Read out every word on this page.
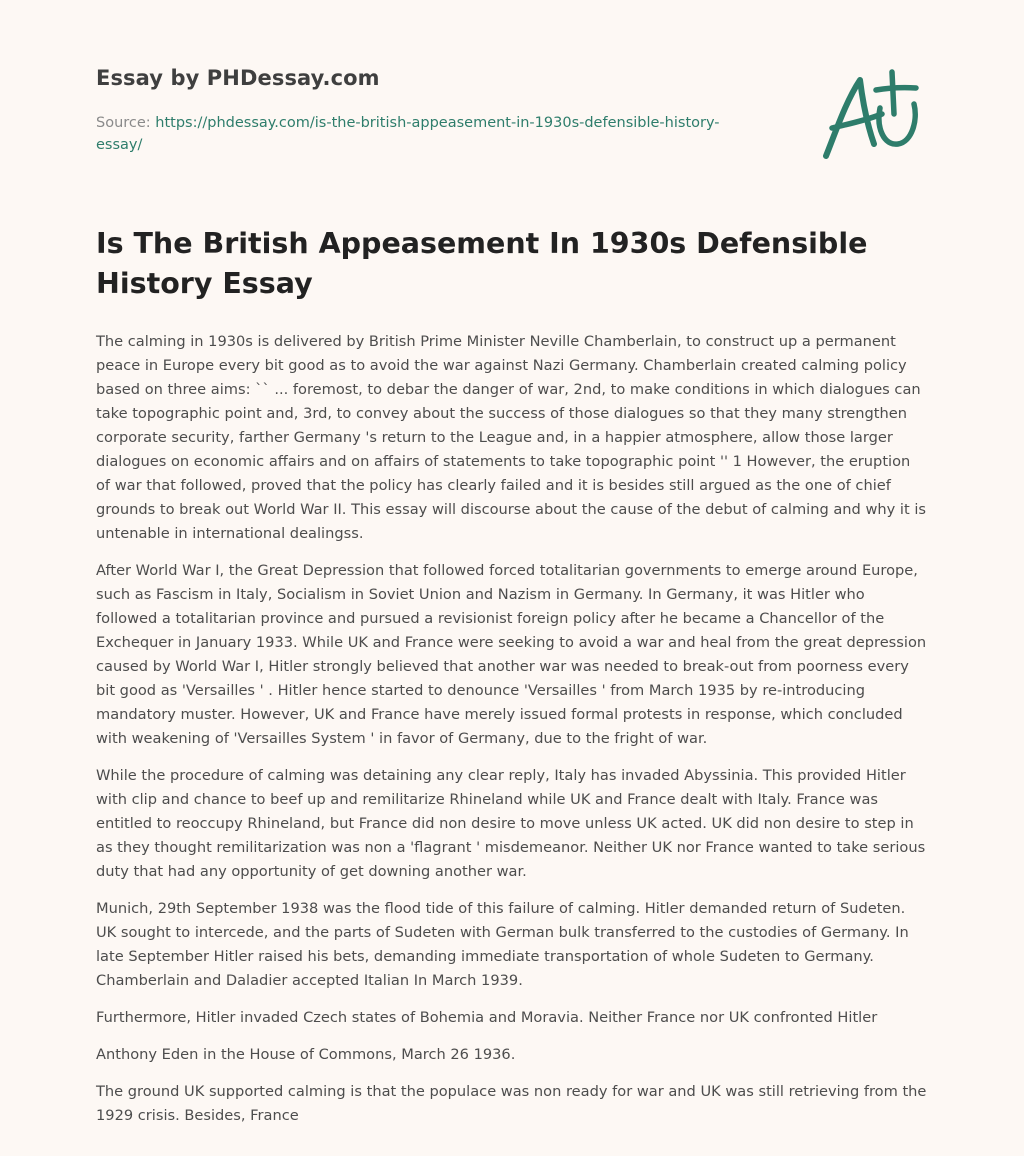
Essay by PHDessay.com

Source: https://phdessay.com/is-the-british-appeasement-in-1930s-defensible-history-essay/

Is The British Appeasement In 1930s Defensible History Essay

The calming in 1930s is delivered by British Prime Minister Neville Chamberlain, to construct up a permanent peace in Europe every bit good as to avoid the war against Nazi Germany. Chamberlain created calming policy based on three aims: `` ... foremost, to debar the danger of war, 2nd, to make conditions in which dialogues can take topographic point and, 3rd, to convey about the success of those dialogues so that they many strengthen corporate security, farther Germany 's return to the League and, in a happier atmosphere, allow those larger dialogues on economic affairs and on affairs of statements to take topographic point '' 1 However, the eruption of war that followed, proved that the policy has clearly failed and it is besides still argued as the one of chief grounds to break out World War II. This essay will discourse about the cause of the debut of calming and why it is untenable in international dealingss.

After World War I, the Great Depression that followed forced totalitarian governments to emerge around Europe, such as Fascism in Italy, Socialism in Soviet Union and Nazism in Germany. In Germany, it was Hitler who followed a totalitarian province and pursued a revisionist foreign policy after he became a Chancellor of the Exchequer in January 1933. While UK and France were seeking to avoid a war and heal from the great depression caused by World War I, Hitler strongly believed that another war was needed to break-out from poorness every bit good as 'Versailles ' . Hitler hence started to denounce 'Versailles ' from March 1935 by re-introducing mandatory muster. However, UK and France have merely issued formal protests in response, which concluded with weakening of 'Versailles System ' in favor of Germany, due to the fright of war.

While the procedure of calming was detaining any clear reply, Italy has invaded Abyssinia. This provided Hitler with clip and chance to beef up and remilitarize Rhineland while UK and France dealt with Italy. France was entitled to reoccupy Rhineland, but France did non desire to move unless UK acted. UK did non desire to step in as they thought remilitarization was non a 'flagrant ' misdemeanor. Neither UK nor France wanted to take serious duty that had any opportunity of get downing another war.

Munich, 29th September 1938 was the flood tide of this failure of calming. Hitler demanded return of Sudeten. UK sought to intercede, and the parts of Sudeten with German bulk transferred to the custodies of Germany. In late September Hitler raised his bets, demanding immediate transportation of whole Sudeten to Germany. Chamberlain and Daladier accepted Italian In March 1939.

Furthermore, Hitler invaded Czech states of Bohemia and Moravia. Neither France nor UK confronted Hitler

Anthony Eden in the House of Commons, March 26 1936.

The ground UK supported calming is that the populace was non ready for war and UK was still retrieving from the 1929 crisis. Besides, France
